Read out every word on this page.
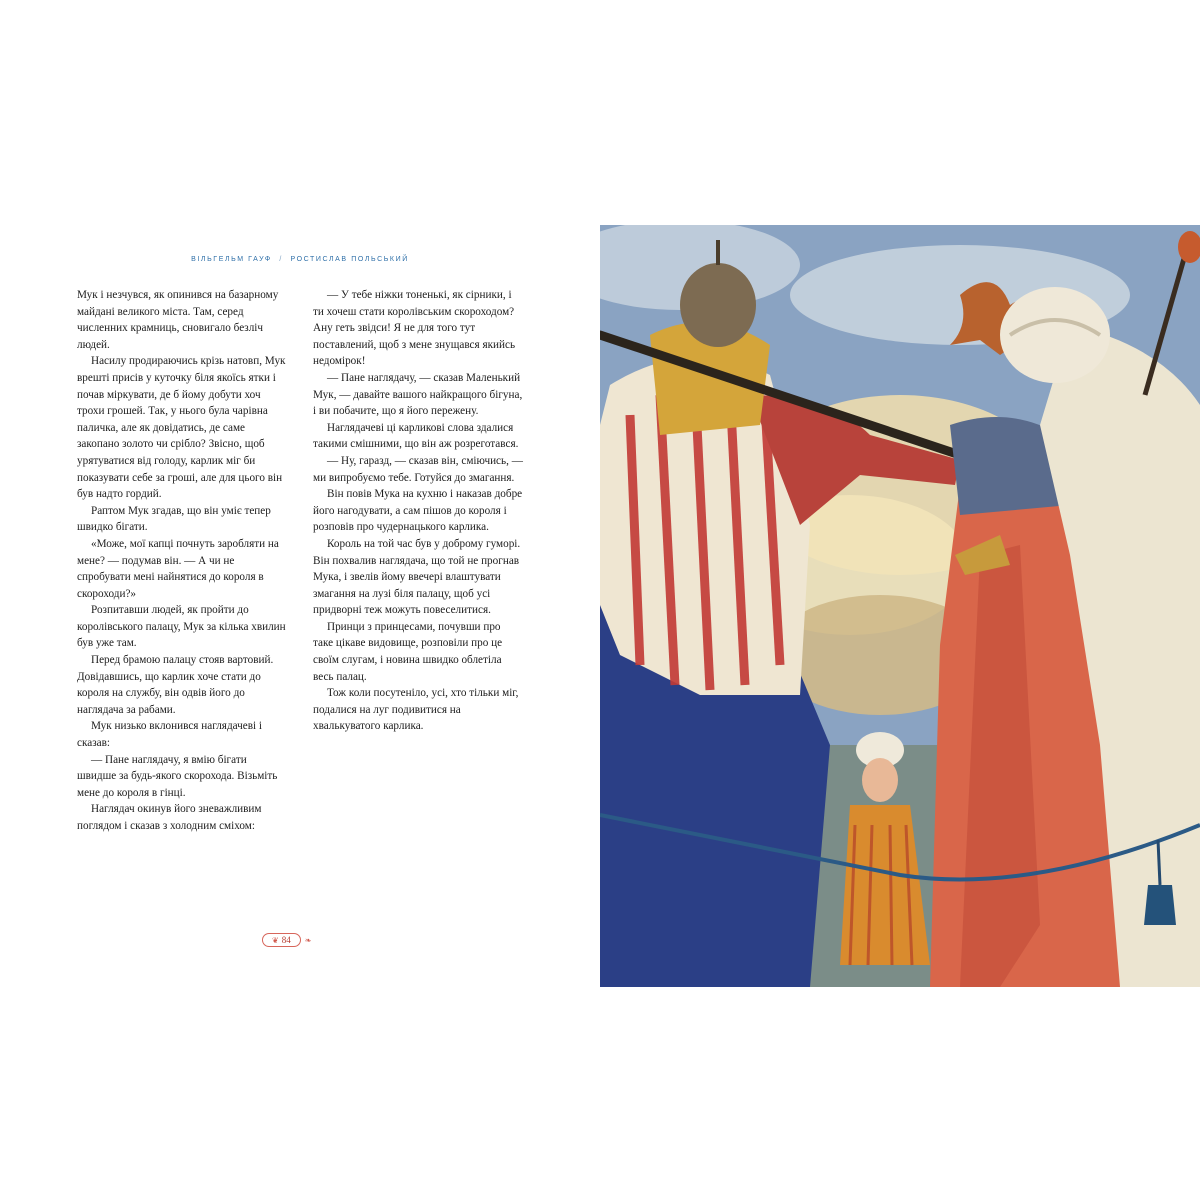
ВІЛЬГЕЛЬМ ГАУФ / РОСТИСЛАВ ПОЛЬСЬКИЙ

Мук і незчувся, як опинився на базарному майдані великого міста. Там, серед численних крамниць, сновигало безліч людей.

Насилу продираючись крізь натовп, Мук врешті присів у куточку біля якоїсь ятки і почав міркувати, де б йому добути хоч трохи грошей. Так, у нього була чарівна паличка, але як довідатись, де саме закопано золото чи срібло? Звісно, щоб урятуватися від голоду, карлик міг би показувати себе за гроші, але для цього він був надто гордий.

Раптом Мук згадав, що він уміє тепер швидко бігати.

«Може, мої капці почнуть заробляти на мене? — подумав він. — А чи не спробувати мені найнятися до короля в скороходи?»

Розпитавши людей, як пройти до королівського палацу, Мук за кілька хвилин був уже там.

Перед брамою палацу стояв вартовий. Довідавшись, що карлик хоче стати до короля на службу, він одвів його до наглядача за рабами.

Мук низько вклонився наглядачеві і сказав:

— Пане наглядачу, я вмію бігати швидше за будь-якого скорохода. Візьміть мене до короля в гінці.

Наглядач окинув його зневажливим поглядом і сказав з холодним сміхом:

— У тебе ніжки тоненькі, як сірники, і ти хочеш стати королівським скороходом? Ану геть звідси! Я не для того тут поставлений, щоб з мене знущався якийсь недомірок!

— Пане наглядачу, — сказав Маленький Мук, — давайте вашого найкращого бігуна, і ви побачите, що я його пережену.

Наглядачеві ці карликові слова здалися такими смішними, що він аж розреготався.

— Ну, гаразд, — сказав він, сміючись, — ми випробуємо тебе. Готуйся до змагання.

Він повів Мука на кухню і наказав добре його нагодувати, а сам пішов до короля і розповів про чудернацького карлика.

Король на той час був у доброму гуморі. Він похвалив наглядача, що той не прогнав Мука, і звелів йому ввечері влаштувати змагання на лузі біля палацу, щоб усі придворні теж можуть повеселитися.

Принци з принцесами, почувши про таке цікаве видовище, розповіли про це своїм слугам, і новина швидко облетіла весь палац.

Тож коли посутеніло, усі, хто тільки міг, подалися на луг подивитися на хвалькуватого карлика.

❦ 84 ❧
